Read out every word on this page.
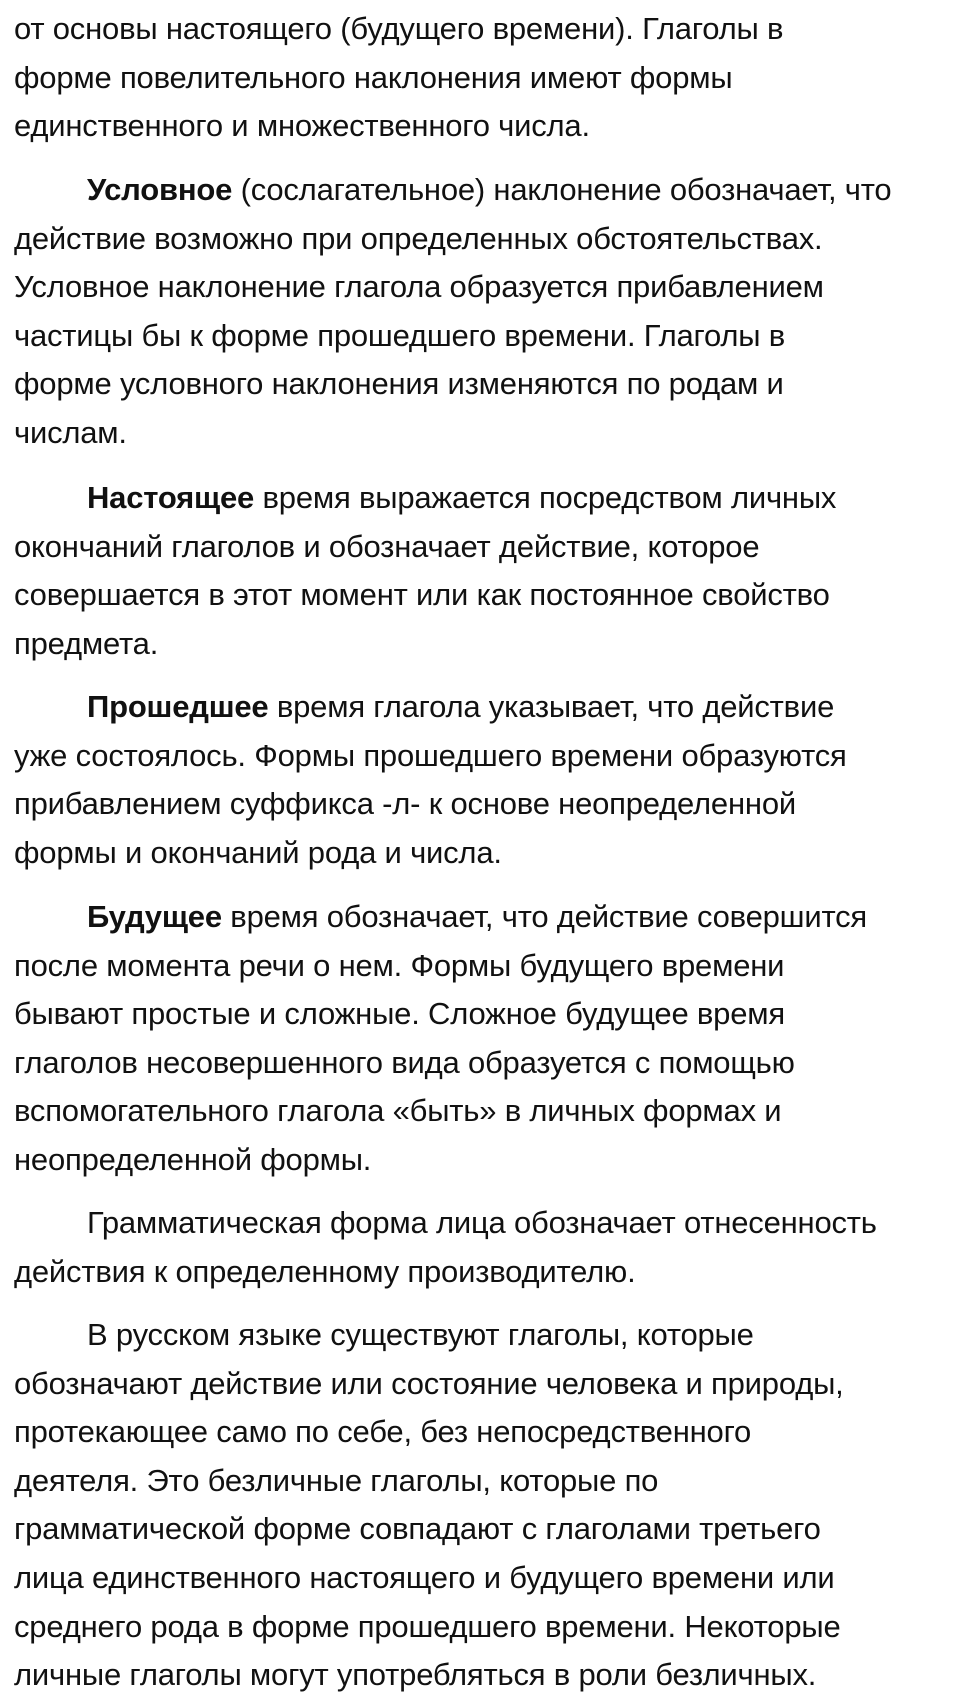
от основы настоящего (будущего времени). Глаголы в
форме повелительного наклонения имеют формы
единственного и множественного числа.
Условное (сослагательное) наклонение обозначает, что
действие возможно при определенных обстоятельствах.
Условное наклонение глагола образуется прибавлением
частицы бы к форме прошедшего времени. Глаголы в
форме условного наклонения изменяются по родам и
числам.
Настоящее время выражается посредством личных
окончаний глаголов и обозначает действие, которое
совершается в этот момент или как постоянное свойство
предмета.
Прошедшее время глагола указывает, что действие
уже состоялось. Формы прошедшего времени образуются
прибавлением суффикса -л- к основе неопределенной
формы и окончаний рода и числа.
Будущее время обозначает, что действие совершится
после момента речи о нем. Формы будущего времени
бывают простые и сложные. Сложное будущее время
глаголов несовершенного вида образуется с помощью
вспомогательного глагола «быть» в личных формах и
неопределенной формы.
Грамматическая форма лица обозначает отнесенность
действия к определенному производителю.
В русском языке существуют глаголы, которые
обозначают действие или состояние человека и природы,
протекающее само по себе, без непосредственного
деятеля. Это безличные глаголы, которые по
грамматической форме совпадают с глаголами третьего
лица единственного настоящего и будущего времени или
среднего рода в форме прошедшего времени. Некоторые
личные глаголы могут употребляться в роли безличных.
